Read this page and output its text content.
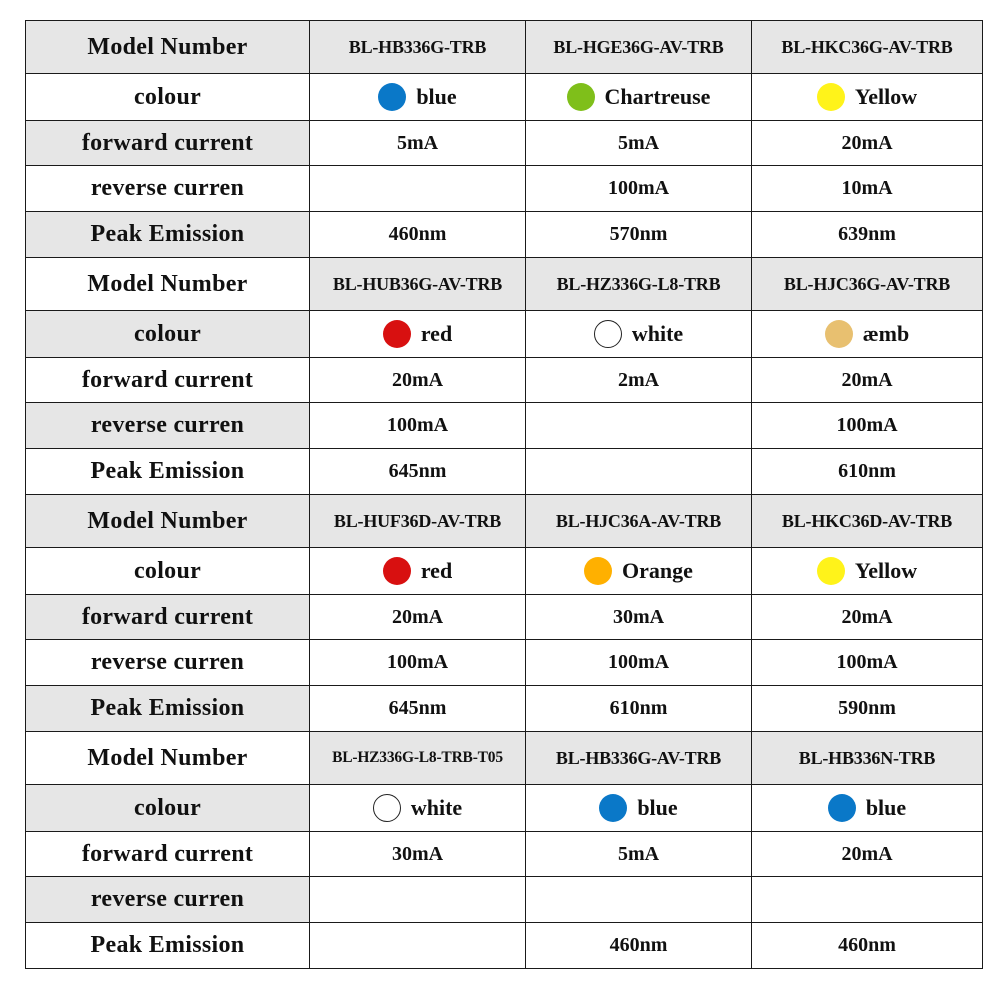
Model Number	BL-HB336G-TRB	BL-HGE36G-AV-TRB	BL-HKC36G-AV-TRB
colour	blue	Chartreuse	Yellow
forward current	5mA	5mA	20mA
reverse curren		100mA	10mA
Peak Emission	460nm	570nm	639nm
Model Number	BL-HUB36G-AV-TRB	BL-HZ336G-L8-TRB	BL-HJC36G-AV-TRB
colour	red	white	æmb
forward current	20mA	2mA	20mA
reverse curren	100mA		100mA
Peak Emission	645nm		610nm
Model Number	BL-HUF36D-AV-TRB	BL-HJC36A-AV-TRB	BL-HKC36D-AV-TRB
colour	red	Orange	Yellow
forward current	20mA	30mA	20mA
reverse curren	100mA	100mA	100mA
Peak Emission	645nm	610nm	590nm
Model Number	BL-HZ336G-L8-TRB-T05	BL-HB336G-AV-TRB	BL-HB336N-TRB
colour	white	blue	blue
forward current	30mA	5mA	20mA
reverse curren			
Peak Emission		460nm	460nm
